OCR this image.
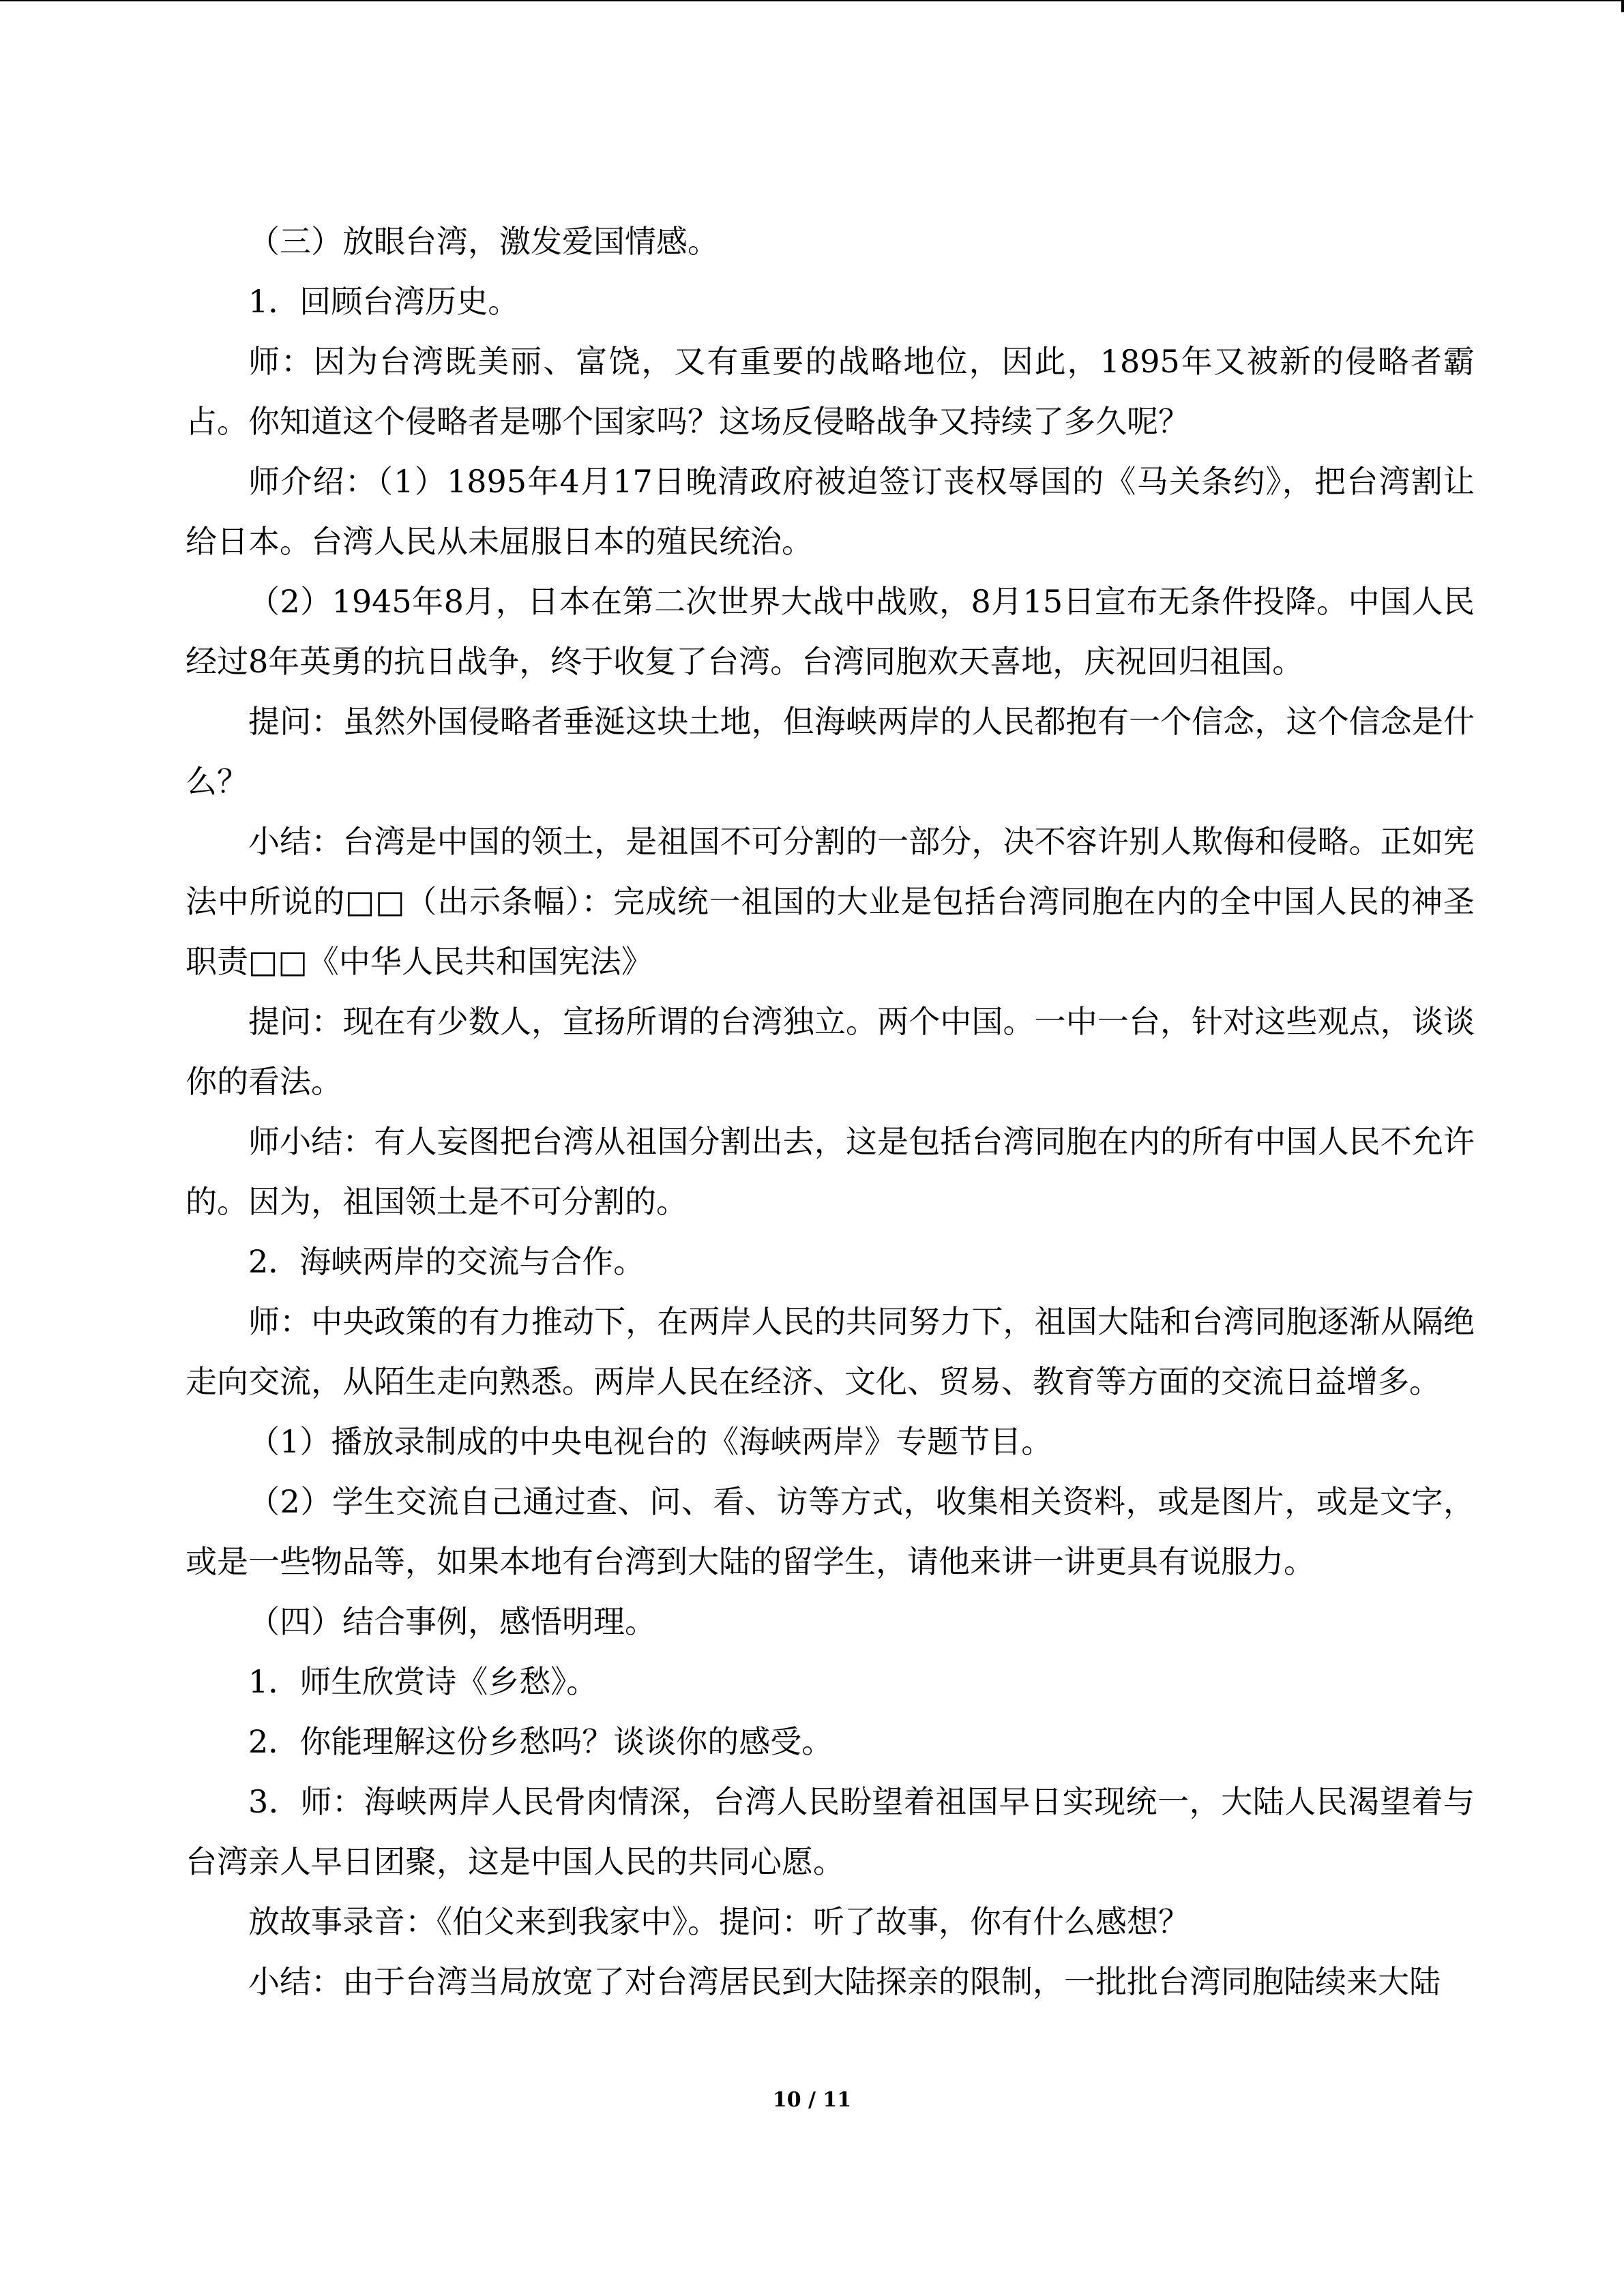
（三）放眼台湾，激发爱国情感。

1．回顾台湾历史。

师：因为台湾既美丽、富饶，又有重要的战略地位，因此，1895年又被新的侵略者霸占。你知道这个侵略者是哪个国家吗？这场反侵略战争又持续了多久呢？

师介绍：（1）1895年4月17日晚清政府被迫签订丧权辱国的《马关条约》，把台湾割让给日本。台湾人民从未屈服日本的殖民统治。

（2）1945年8月，日本在第二次世界大战中战败，8月15日宣布无条件投降。中国人民经过8年英勇的抗日战争，终于收复了台湾。台湾同胞欢天喜地，庆祝回归祖国。

提问：虽然外国侵略者垂涎这块土地，但海峡两岸的人民都抱有一个信念，这个信念是什么？

小结：台湾是中国的领土，是祖国不可分割的一部分，决不容许别人欺侮和侵略。正如宪法中所说的□□（出示条幅）：完成统一祖国的大业是包括台湾同胞在内的全中国人民的神圣职责□□《中华人民共和国宪法》

提问：现在有少数人，宣扬所谓的台湾独立。两个中国。一中一台，针对这些观点，谈谈你的看法。

师小结：有人妄图把台湾从祖国分割出去，这是包括台湾同胞在内的所有中国人民不允许的。因为，祖国领土是不可分割的。

2．海峡两岸的交流与合作。

师：中央政策的有力推动下，在两岸人民的共同努力下，祖国大陆和台湾同胞逐渐从隔绝走向交流，从陌生走向熟悉。两岸人民在经济、文化、贸易、教育等方面的交流日益增多。

（1）播放录制成的中央电视台的《海峡两岸》专题节目。

（2）学生交流自己通过查、问、看、访等方式，收集相关资料，或是图片，或是文字，或是一些物品等，如果本地有台湾到大陆的留学生，请他来讲一讲更具有说服力。

（四）结合事例，感悟明理。

1．师生欣赏诗《乡愁》。

2．你能理解这份乡愁吗？谈谈你的感受。

3．师：海峡两岸人民骨肉情深，台湾人民盼望着祖国早日实现统一，大陆人民渴望着与台湾亲人早日团聚，这是中国人民的共同心愿。

放故事录音：《伯父来到我家中》。提问：听了故事，你有什么感想？

小结：由于台湾当局放宽了对台湾居民到大陆探亲的限制，一批批台湾同胞陆续来大陆

10 / 11
